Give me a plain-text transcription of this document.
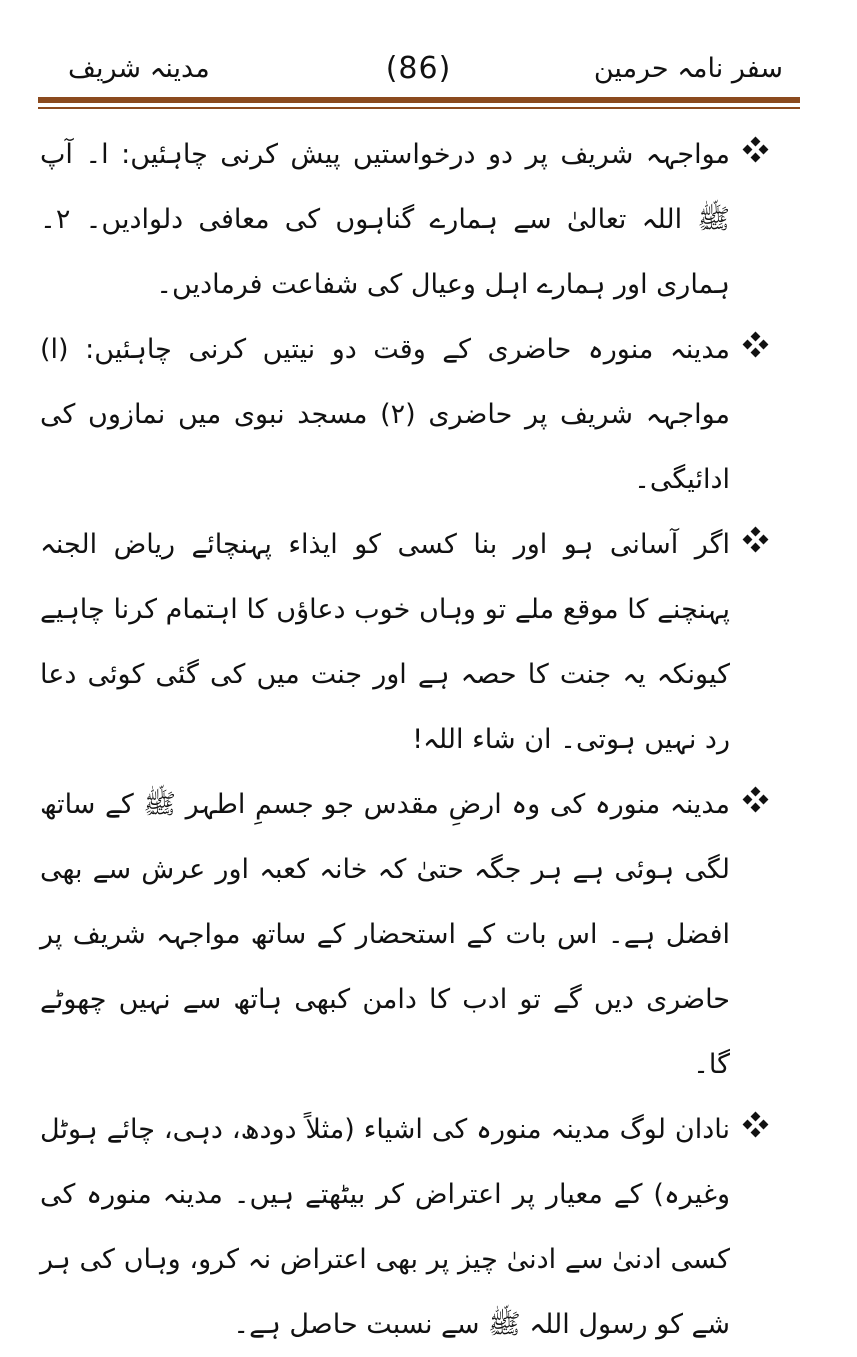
مدینہ شریف	(86)	سفر نامہ حرمین
مواجہہ شریف پر دو درخواستیں پیش کرنی چاہئیں: ا۔ آپ ﷺ اللہ تعالیٰ سے ہمارے گناہوں کی معافی دلوادیں۔ ۲۔ ہماری اور ہمارے اہل وعیال کی شفاعت فرمادیں۔
مدینہ منورہ حاضری کے وقت دو نیتیں کرنی چاہئیں: (ا) مواجہہ شریف پر حاضری (۲) مسجد نبوی میں نمازوں کی ادائیگی۔
اگر آسانی ہو اور بنا کسی کو ایذاء پہنچائے ریاض الجنہ پہنچنے کا موقع ملے تو وہاں خوب دعاؤں کا اہتمام کرنا چاہیے کیونکہ یہ جنت کا حصہ ہے اور جنت میں کی گئی کوئی دعا رد نہیں ہوتی۔ ان شاء اللہ!
مدینہ منورہ کی وہ ارضِ مقدس جو جسمِ اطہر ﷺ کے ساتھ لگی ہوئی ہے ہر جگہ حتیٰ کہ خانہ کعبہ اور عرش سے بھی افضل ہے۔ اس بات کے استحضار کے ساتھ مواجہہ شریف پر حاضری دیں گے تو ادب کا دامن کبھی ہاتھ سے نہیں چھوٹے گا۔
نادان لوگ مدینہ منورہ کی اشیاء (مثلاً دودھ، دہی، چائے ہوٹل وغیرہ) کے معیار پر اعتراض کر بیٹھتے ہیں۔ مدینہ منورہ کی کسی ادنیٰ سے ادنیٰ چیز پر بھی اعتراض نہ کرو، وہاں کی ہر شے کو رسول اللہ ﷺ سے نسبت حاصل ہے۔
